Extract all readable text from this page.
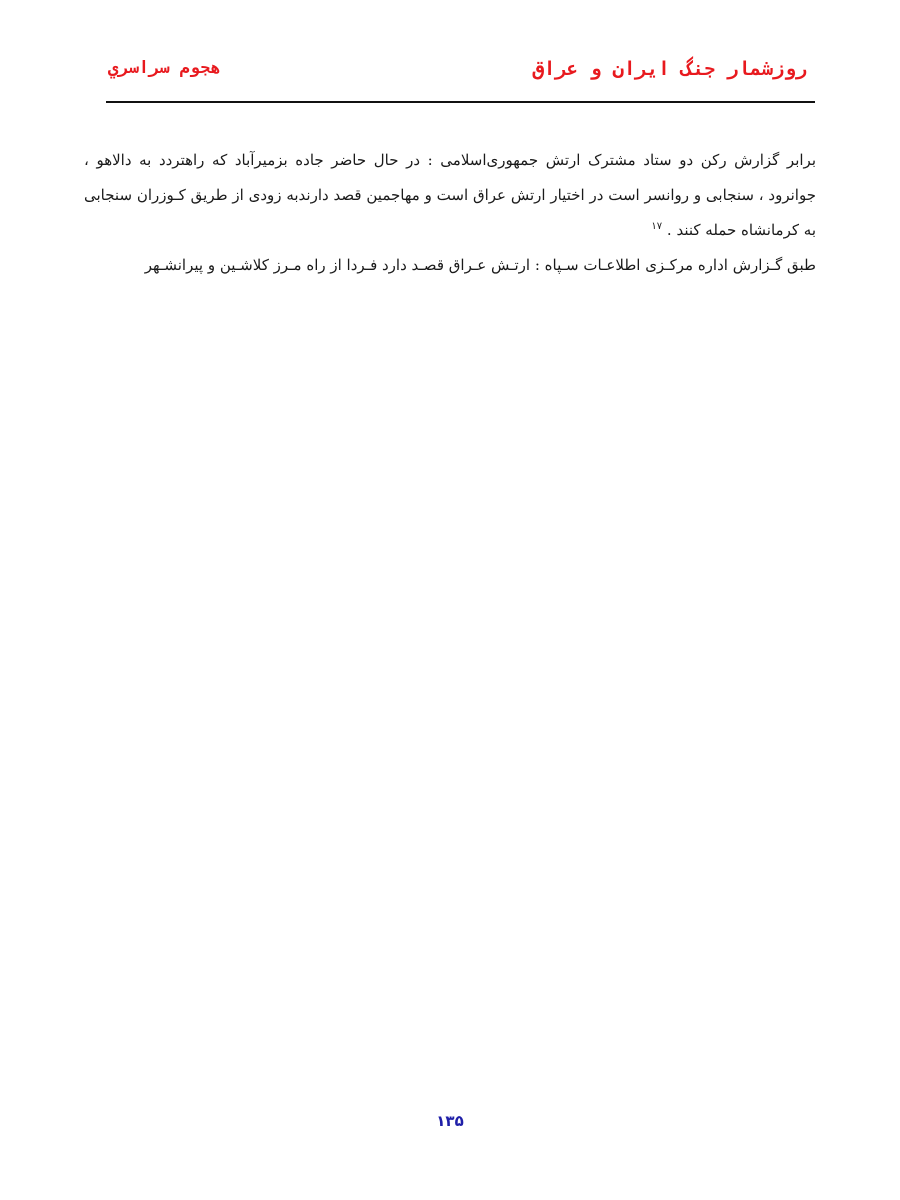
روزشمار جنگ ایران و عراق
هجوم سراسري

برابر گزارش رکن دو ستاد مشترک ارتش جمهوری‌اسلامی : در حال حاضر جاده بزمیرآباد که راهتردد به دالاهو ، جوانرود ، سنجابی و روانسر است در اختیار ارتش عراق است و مهاجمین قصد دارندبه زودی از طریق کـوزران سنجابی به کرمانشاه حمله کنند . $^{۱۷}$

طبق گـزارش اداره مرکـزی اطلاعـات سـپاه : ارتـش عـراق قصـد دارد فـردا از راه مـرز کلاشـین و پیرانشـهر

۱۳۵
